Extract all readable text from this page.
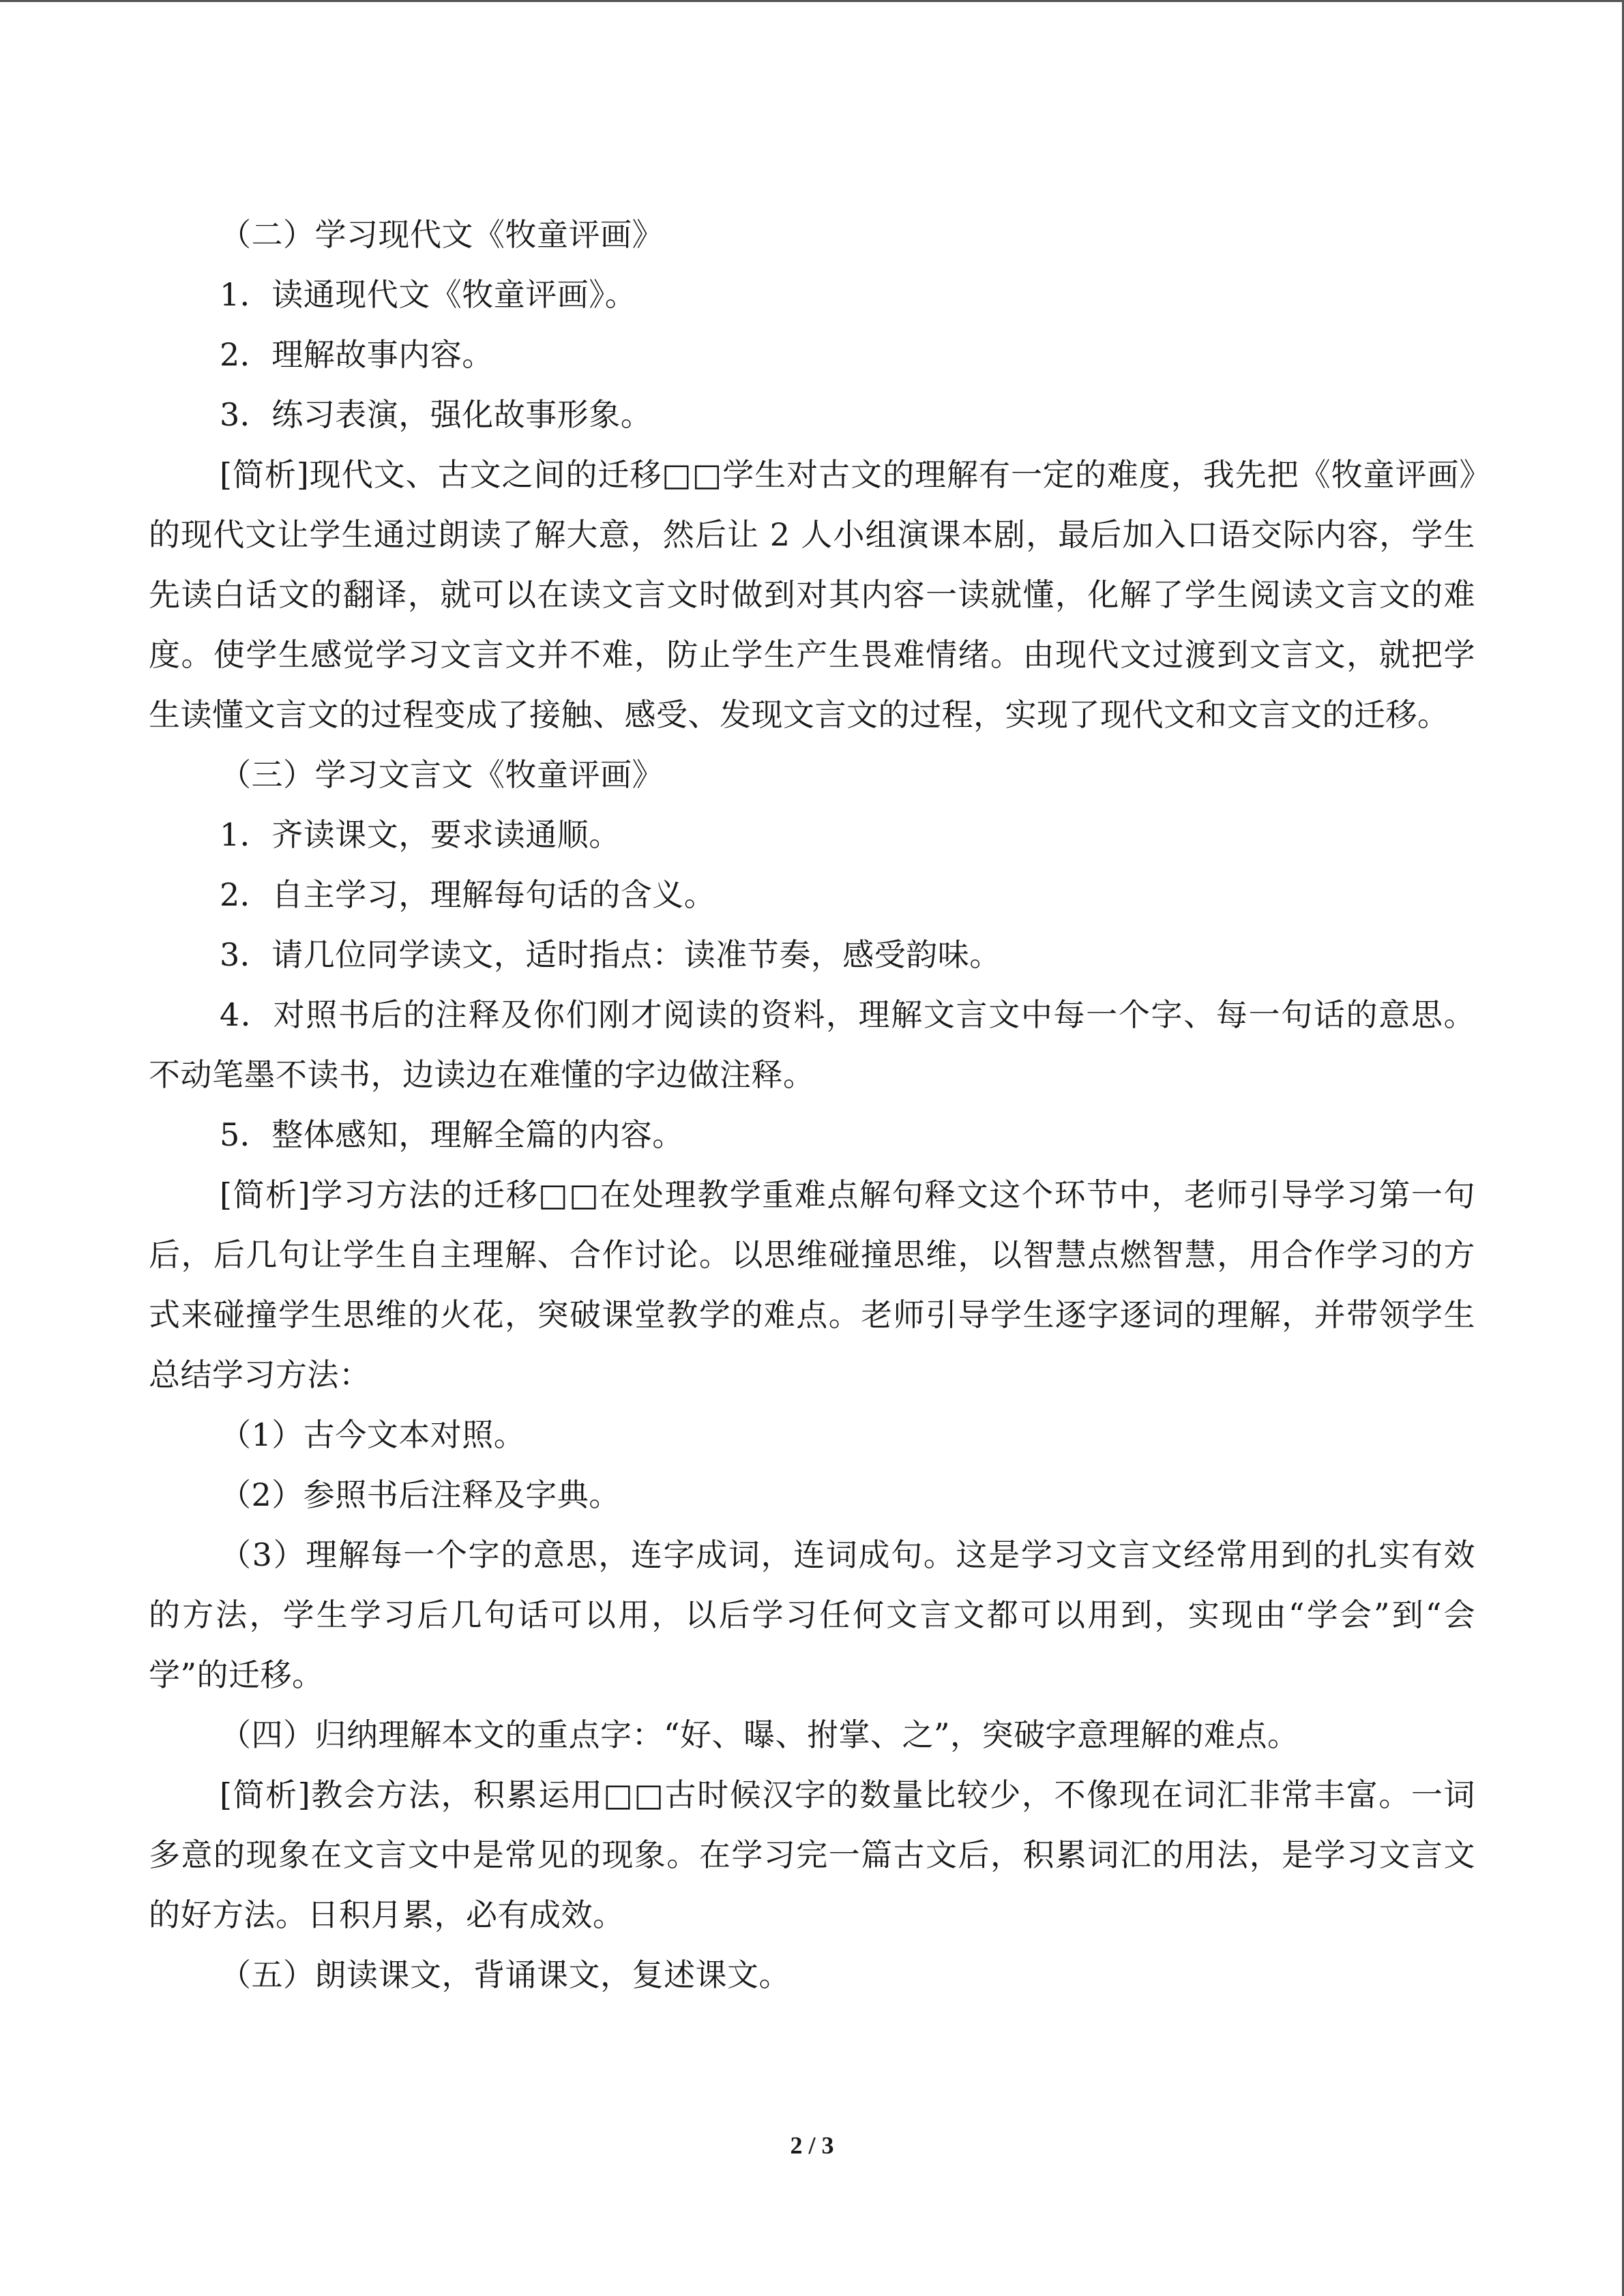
（二）学习现代文《牧童评画》

1．读通现代文《牧童评画》。

2．理解故事内容。

3．练习表演，强化故事形象。

[简析]现代文、古文之间的迁移□□学生对古文的理解有一定的难度，我先把《牧童评画》的现代文让学生通过朗读了解大意，然后让 2 人小组演课本剧，最后加入口语交际内容，学生先读白话文的翻译，就可以在读文言文时做到对其内容一读就懂，化解了学生阅读文言文的难度。使学生感觉学习文言文并不难，防止学生产生畏难情绪。由现代文过渡到文言文，就把学生读懂文言文的过程变成了接触、感受、发现文言文的过程，实现了现代文和文言文的迁移。

（三）学习文言文《牧童评画》

1．齐读课文，要求读通顺。

2．自主学习，理解每句话的含义。

3．请几位同学读文，适时指点：读准节奏，感受韵味。

4．对照书后的注释及你们刚才阅读的资料，理解文言文中每一个字、每一句话的意思。不动笔墨不读书，边读边在难懂的字边做注释。

5．整体感知，理解全篇的内容。

[简析]学习方法的迁移□□在处理教学重难点解句释文这个环节中，老师引导学习第一句后，后几句让学生自主理解、合作讨论。以思维碰撞思维，以智慧点燃智慧，用合作学习的方式来碰撞学生思维的火花，突破课堂教学的难点。老师引导学生逐字逐词的理解，并带领学生总结学习方法：

（1）古今文本对照。

（2）参照书后注释及字典。

（3）理解每一个字的意思，连字成词，连词成句。这是学习文言文经常用到的扎实有效的方法，学生学习后几句话可以用，以后学习任何文言文都可以用到，实现由“学会”到“会学”的迁移。

（四）归纳理解本文的重点字：“好、曝、拊掌、之”，突破字意理解的难点。

[简析]教会方法，积累运用□□古时候汉字的数量比较少，不像现在词汇非常丰富。一词多意的现象在文言文中是常见的现象。在学习完一篇古文后，积累词汇的用法，是学习文言文的好方法。日积月累，必有成效。

（五）朗读课文，背诵课文，复述课文。

2 / 3
